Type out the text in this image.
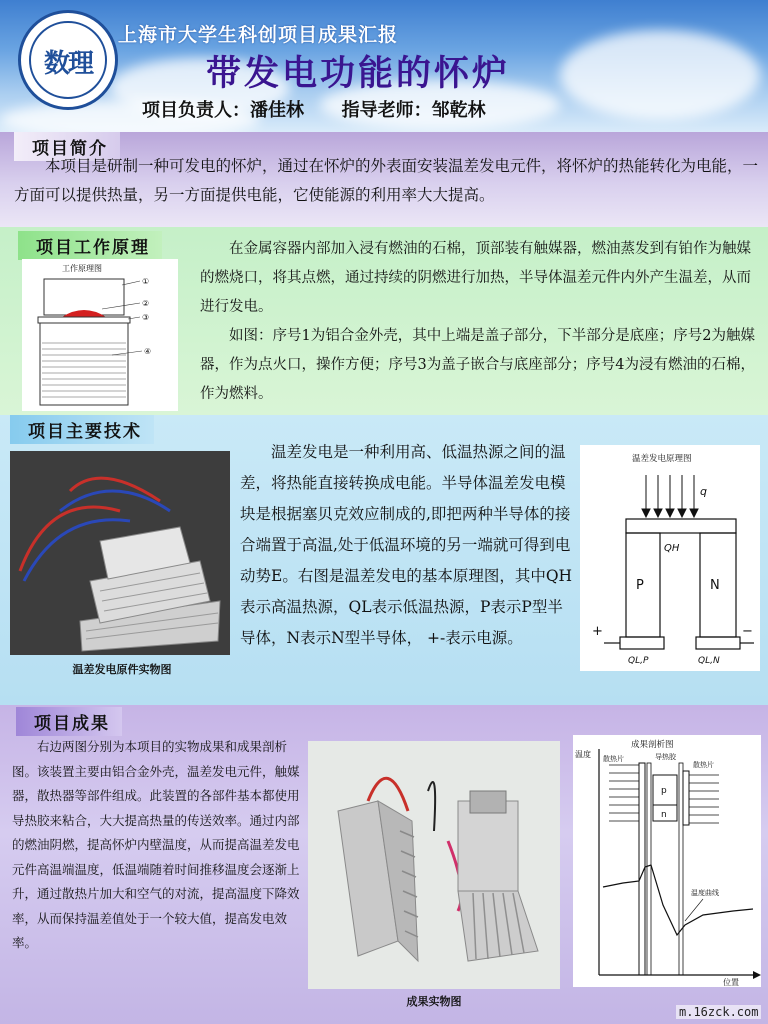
数理
上海市大学生科创项目成果汇报
带发电功能的怀炉
项目负责人：潘佳林      指导老师：邹乾林
项目简介
本项目是研制一种可发电的怀炉，通过在怀炉的外表面安装温差发电元件，将怀炉的热能转化为电能，一方面可以提供热量，另一方面提供电能，它使能源的利用率大大提高。
项目工作原理
工作原理图
①
②
③
④

在金属容器内部加入浸有燃油的石棉，顶部装有触媒器，燃油蒸发到有铂作为触媒的燃烧口，将其点燃，通过持续的阴燃进行加热，半导体温差元件内外产生温差，从而进行发电。

如图：序号1为铝合金外壳，其中上端是盖子部分，下半部分是底座；序号2为触媒器，作为点火口，操作方便；序号3为盖子嵌合与底座部分；序号4为浸有燃油的石棉，作为燃料。

项目主要技术
温差发电原件实物图
温差发电是一种利用高、低温热源之间的温差，将热能直接转换成电能。半导体温差发电模块是根据塞贝克效应制成的,即把两种半导体的接合端置于高温,处于低温环境的另一端就可得到电动势E。右图是温差发电的基本原理图，其中QH表示高温热源，QL表示低温热源，P表示P型半导体，N表示N型半导体， +-表示电源。
温差发电原理图
q
QH
P	N
+	−
QL,P	QL,N
项目成果
右边两图分别为本项目的实物成果和成果剖析图。该装置主要由铝合金外壳，温差发电元件，触媒器，散热器等部件组成。此装置的各部件基本都使用导热胶来粘合，大大提高热量的传送效率。通过内部的燃油阴燃，提高怀炉内壁温度，从而提高温差发电元件高温端温度，低温端随着时间推移温度会逐渐上升，通过散热片加大和空气的对流，提高温度下降效率，从而保持温差值处于一个较大值，提高发电效率。
成果实物图
成果剖析图
温度
位置
散热片	导热胶
p
n
散热片
温度曲线
m.16zck.com
